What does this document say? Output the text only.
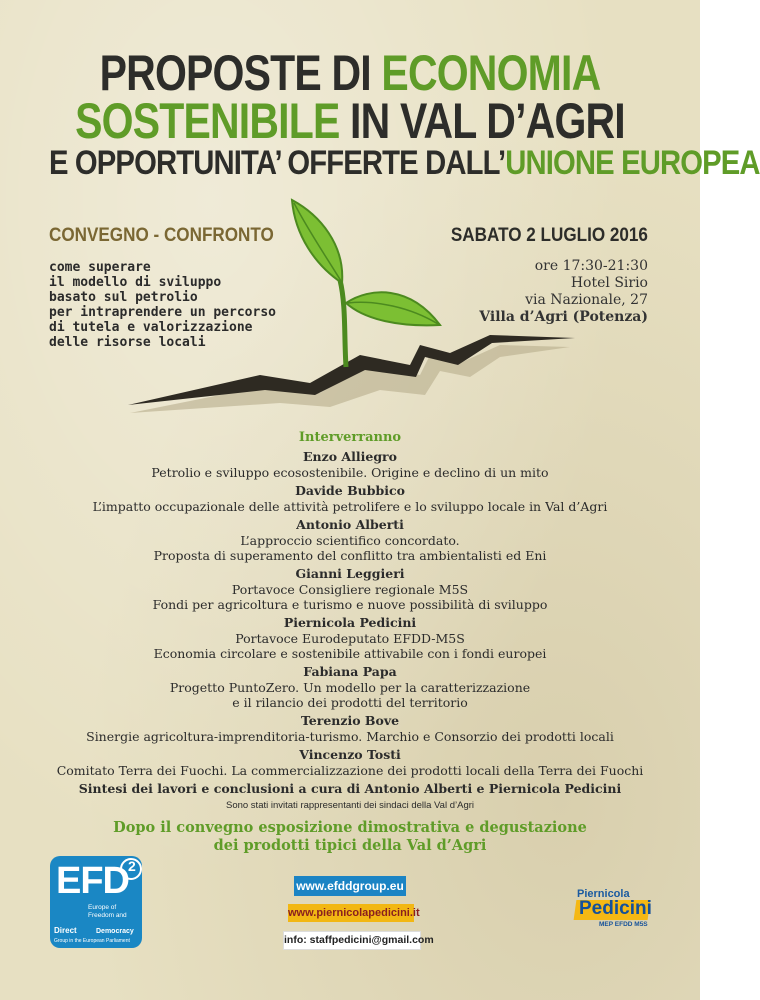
PROPOSTE DI ECONOMIA
SOSTENIBILE IN VAL D’AGRI
E OPPORTUNITA’ OFFERTE DALL’UNIONE EUROPEA
CONVEGNO - CONFRONTO
come superare
il modello di sviluppo
basato sul petrolio
per intraprendere un percorso
di tutela e valorizzazione
delle risorse locali
SABATO 2 LUGLIO 2016
ore 17:30-21:30
Hotel Sirio
via Nazionale, 27
Villa d’Agri (Potenza)
Interverranno
Enzo Alliegro
Petrolio e sviluppo ecosostenibile. Origine e declino di un mito
Davide Bubbico
L’impatto occupazionale delle attività petrolifere e lo sviluppo locale in Val d’Agri
Antonio Alberti
L’approccio scientifico concordato.
Proposta di superamento del conflitto tra ambientalisti ed Eni
Gianni Leggieri
Portavoce Consigliere regionale M5S
Fondi per agricoltura e turismo e nuove possibilità di sviluppo
Piernicola Pedicini
Portavoce Eurodeputato EFDD-M5S
Economia circolare e sostenibile attivabile con i fondi europei
Fabiana Papa
Progetto PuntoZero. Un modello per la caratterizzazione
e il rilancio dei prodotti del territorio
Terenzio Bove
Sinergie agricoltura-imprenditoria-turismo. Marchio e Consorzio dei prodotti locali
Vincenzo Tosti
Comitato Terra dei Fuochi. La commercializzazione dei prodotti locali della Terra dei Fuochi
Sintesi dei lavori e conclusioni a cura di Antonio Alberti e Piernicola Pedicini
Sono stati invitati rappresentanti dei sindaci della Val d’Agri
Dopo il convegno esposizione dimostrativa e degustazione
dei prodotti tipici della Val d’Agri
EFD 2
Europe of Freedom and
Direct	Democracy
Group in the European Parliament
www.efddgroup.eu
www.piernicolapedicini.it
info: staffpedicini@gmail.com
Piernicola
Pedicini
MEP EFDD M5S
